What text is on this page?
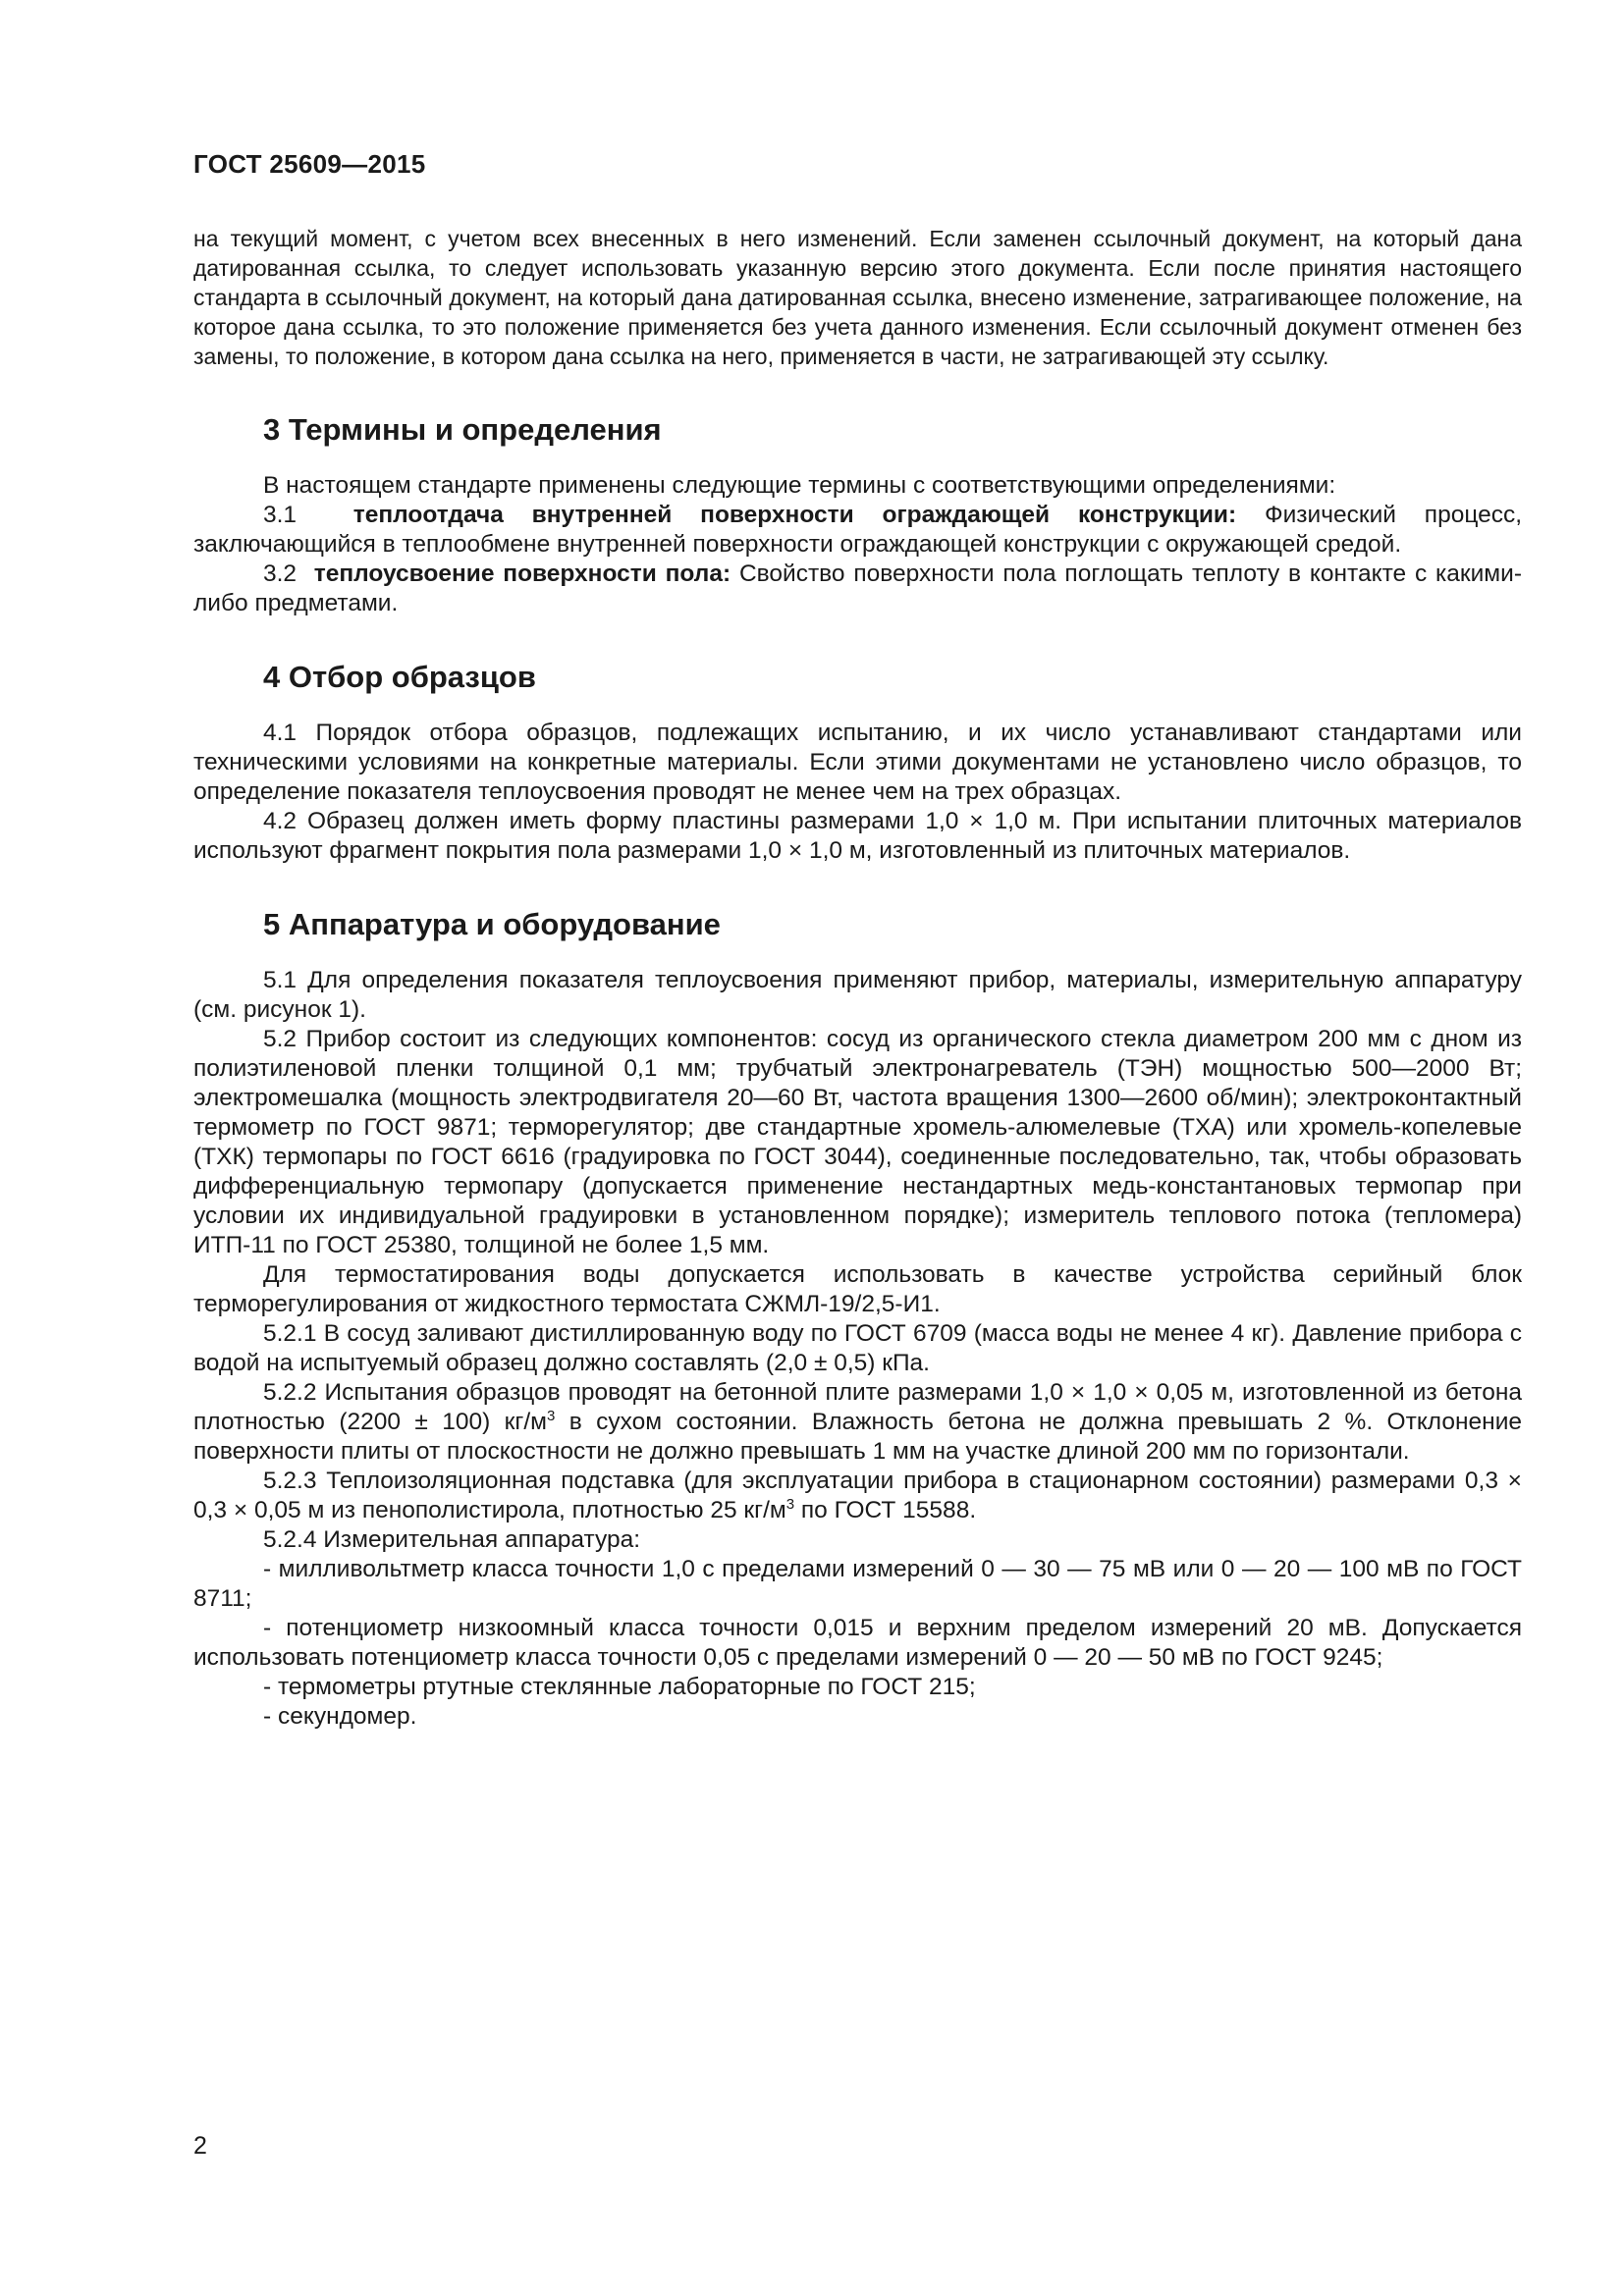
ГОСТ 25609—2015

на текущий момент, с учетом всех внесенных в него изменений. Если заменен ссылочный документ, на который дана датированная ссылка, то следует использовать указанную версию этого документа. Если после принятия настоящего стандарта в ссылочный документ, на который дана датированная ссылка, внесено изменение, затрагивающее положение, на которое дана ссылка, то это положение применяется без учета данного изменения. Если ссылочный документ отменен без замены, то положение, в котором дана ссылка на него, применяется в части, не затрагивающей эту ссылку.

3 Термины и определения

В настоящем стандарте применены следующие термины с соответствующими определениями:

3.1 теплоотдача внутренней поверхности ограждающей конструкции: Физический процесс, заключающийся в теплообмене внутренней поверхности ограждающей конструкции с окружающей средой.

3.2 теплоусвоение поверхности пола: Свойство поверхности пола поглощать теплоту в контакте с какими-либо предметами.

4 Отбор образцов

4.1 Порядок отбора образцов, подлежащих испытанию, и их число устанавливают стандартами или техническими условиями на конкретные материалы. Если этими документами не установлено число образцов, то определение показателя теплоусвоения проводят не менее чем на трех образцах.

4.2 Образец должен иметь форму пластины размерами 1,0 × 1,0 м. При испытании плиточных материалов используют фрагмент покрытия пола размерами 1,0 × 1,0 м, изготовленный из плиточных материалов.

5 Аппаратура и оборудование

5.1 Для определения показателя теплоусвоения применяют прибор, материалы, измерительную аппаратуру (см. рисунок 1).

5.2 Прибор состоит из следующих компонентов: сосуд из органического стекла диаметром 200 мм с дном из полиэтиленовой пленки толщиной 0,1 мм; трубчатый электронагреватель (ТЭН) мощностью 500—2000 Вт; электромешалка (мощность электродвигателя 20—60 Вт, частота вращения 1300—2600 об/мин); электроконтактный термометр по ГОСТ 9871; терморегулятор; две стандартные хромель-алюмелевые (ТХА) или хромель-копелевые (ТХК) термопары по ГОСТ 6616 (градуировка по ГОСТ 3044), соединенные последовательно, так, чтобы образовать дифференциальную термопару (допускается применение нестандартных медь-константановых термопар при условии их индивидуальной градуировки в установленном порядке); измеритель теплового потока (тепломера) ИТП-11 по ГОСТ 25380, толщиной не более 1,5 мм.

Для термостатирования воды допускается использовать в качестве устройства серийный блок терморегулирования от жидкостного термостата СЖМЛ-19/2,5-И1.

5.2.1 В сосуд заливают дистиллированную воду по ГОСТ 6709 (масса воды не менее 4 кг). Давление прибора с водой на испытуемый образец должно составлять (2,0 ± 0,5) кПа.

5.2.2 Испытания образцов проводят на бетонной плите размерами 1,0 × 1,0 × 0,05 м, изготовленной из бетона плотностью (2200 ± 100) $кг/м^3$ в сухом состоянии. Влажность бетона не должна превышать 2 %. Отклонение поверхности плиты от плоскостности не должно превышать 1 мм на участке длиной 200 мм по горизонтали.

5.2.3 Теплоизоляционная подставка (для эксплуатации прибора в стационарном состоянии) размерами 0,3 × 0,3 × 0,05 м из пенополистирола, плотностью 25 $кг/м^3$ по ГОСТ 15588.

5.2.4 Измерительная аппаратура:

- милливольтметр класса точности 1,0 с пределами измерений 0 — 30 — 75 мВ или 0 — 20 — 100 мВ по ГОСТ 8711;

- потенциометр низкоомный класса точности 0,015 и верхним пределом измерений 20 мВ. Допускается использовать потенциометр класса точности 0,05 с пределами измерений 0 — 20 — 50 мВ по ГОСТ 9245;

- термометры ртутные стеклянные лабораторные по ГОСТ 215;

- секундомер.

2
